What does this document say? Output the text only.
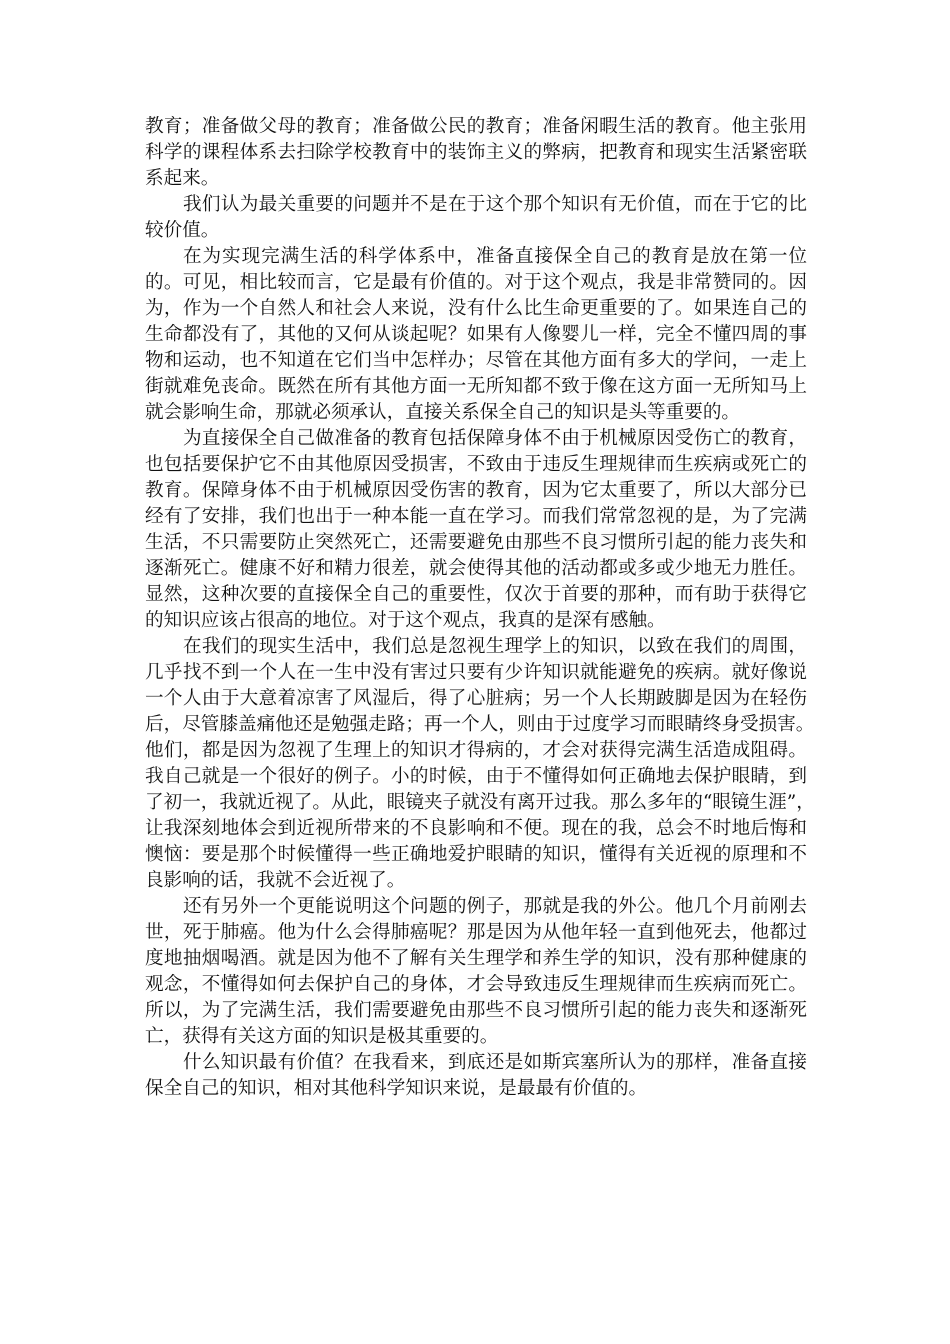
教育；准备做父母的教育；准备做公民的教育；准备闲暇生活的教育。他主张用
科学的课程体系去扫除学校教育中的装饰主义的弊病，把教育和现实生活紧密联
系起来。
我们认为最关重要的问题并不是在于这个那个知识有无价值，而在于它的比
较价值。
在为实现完满生活的科学体系中，准备直接保全自己的教育是放在第一位
的。可见，相比较而言，它是最有价值的。对于这个观点，我是非常赞同的。因
为，作为一个自然人和社会人来说，没有什么比生命更重要的了。如果连自己的
生命都没有了，其他的又何从谈起呢？如果有人像婴儿一样，完全不懂四周的事
物和运动，也不知道在它们当中怎样办；尽管在其他方面有多大的学问，一走上
街就难免丧命。既然在所有其他方面一无所知都不致于像在这方面一无所知马上
就会影响生命，那就必须承认，直接关系保全自己的知识是头等重要的。
为直接保全自己做准备的教育包括保障身体不由于机械原因受伤亡的教育，
也包括要保护它不由其他原因受损害，不致由于违反生理规律而生疾病或死亡的
教育。保障身体不由于机械原因受伤害的教育，因为它太重要了，所以大部分已
经有了安排，我们也出于一种本能一直在学习。而我们常常忽视的是，为了完满
生活，不只需要防止突然死亡，还需要避免由那些不良习惯所引起的能力丧失和
逐渐死亡。健康不好和精力很差，就会使得其他的活动都或多或少地无力胜任。
显然，这种次要的直接保全自己的重要性，仅次于首要的那种，而有助于获得它
的知识应该占很高的地位。对于这个观点，我真的是深有感触。
在我们的现实生活中，我们总是忽视生理学上的知识，以致在我们的周围，
几乎找不到一个人在一生中没有害过只要有少许知识就能避免的疾病。就好像说
一个人由于大意着凉害了风湿后，得了心脏病；另一个人长期跛脚是因为在轻伤
后，尽管膝盖痛他还是勉强走路；再一个人，则由于过度学习而眼睛终身受损害。
他们，都是因为忽视了生理上的知识才得病的，才会对获得完满生活造成阻碍。
我自己就是一个很好的例子。小的时候，由于不懂得如何正确地去保护眼睛，到
了初一，我就近视了。从此，眼镜夹子就没有离开过我。那么多年的“眼镜生涯”，
让我深刻地体会到近视所带来的不良影响和不便。现在的我，总会不时地后悔和
懊恼：要是那个时候懂得一些正确地爱护眼睛的知识，懂得有关近视的原理和不
良影响的话，我就不会近视了。
还有另外一个更能说明这个问题的例子，那就是我的外公。他几个月前刚去
世，死于肺癌。他为什么会得肺癌呢？那是因为从他年轻一直到他死去，他都过
度地抽烟喝酒。就是因为他不了解有关生理学和养生学的知识，没有那种健康的
观念，不懂得如何去保护自己的身体，才会导致违反生理规律而生疾病而死亡。
所以，为了完满生活，我们需要避免由那些不良习惯所引起的能力丧失和逐渐死
亡，获得有关这方面的知识是极其重要的。
什么知识最有价值？在我看来，到底还是如斯宾塞所认为的那样，准备直接
保全自己的知识，相对其他科学知识来说，是最最有价值的。
